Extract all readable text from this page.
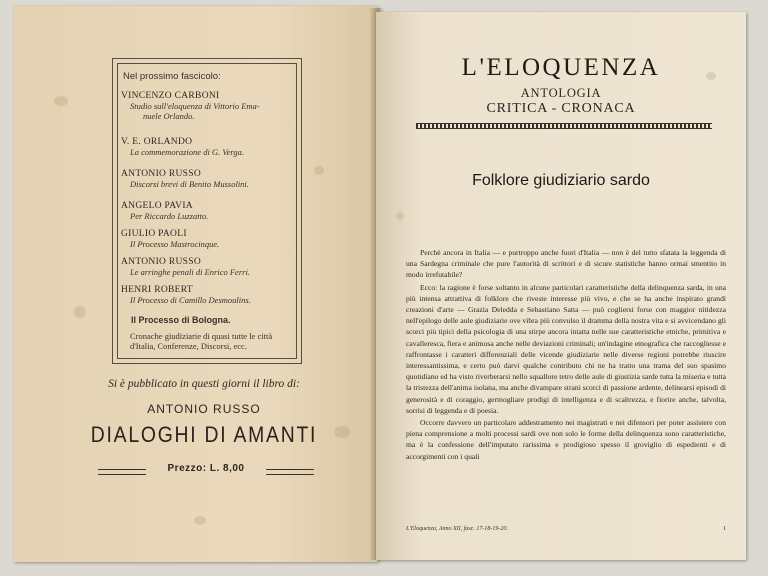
Nel prossimo fascicolo:
VINCENZO CARBONI
Studio sull'eloquenza di Vittorio Ema-
nuele Orlando.
V. E. ORLANDO
La commemorazione di G. Verga.
ANTONIO RUSSO
Discorsi brevi di Benito Mussolini.
ANGELO PAVIA
Per Riccardo Luzzatto.
GIULIO PAOLI
Il Processo Mastrocinque.
ANTONIO RUSSO
Le arringhe penali di Enrico Ferri.
HENRI ROBERT
Il Processo di Camillo Desmoulins.
Il Processo di Bologna.
Cronache giudiziarie di quasi tutte le città
d'Italia, Conferenze, Discorsi, ecc.
Si è pubblicato in questi giorni il libro di:
ANTONIO RUSSO
DIALOGHI DI AMANTI
Prezzo: L. 8,00
L'ELOQUENZA
ANTOLOGIA
CRITICA - CRONACA
Folklore giudiziario sardo

Perchè ancora in Italia — e purtroppo anche fuori d'Italia — non è del tutto sfatata la leggenda di una Sardegna criminale che pure l'autorità di scrittori e di sicure statistiche hanno ormai smentito in modo irrefutabile?

Ecco: la ragione è forse soltanto in alcune particolari caratteristiche della delinquenza sarda, in una più intensa attrattiva di folklore che riveste interesse più vivo, e che se ha anche inspirato grandi creazioni d'arte — Grazia Deledda e Sebastiano Satta — può cogliersi forse con maggior nitidezza nell'epilogo delle aule giudiziarie ove vibra più convulso il dramma della nostra vita e si avvicendano gli scorci più tipici della psicologia di una stirpe ancora intatta nelle sue caratteristiche etniche, primitiva e cavalleresca, fiera e animosa anche nelle deviazioni criminali; un'indagine etnografica che raccogliesse e raffrontasse i caratteri differenziali delle vicende giudiziarie nelle diverse regioni potrebbe riuscire interessantissima, e certo può darvi qualche contributo chi ne ha tratto una trama del suo spasimo quotidiano ed ha visto riverberarsi nello squallore tetro delle aule di giustizia sarde tutta la miseria e tutta la tristezza dell'anima isolana, ma anche divampare strani scorci di passione ardente, delinearsi episodi di generosità e di coraggio, germogliare prodigi di intelligenza e di scaltrezza, e fiorire anche, talvolta, sorrisi di leggenda e di poesia.

Occorre davvero un particolare addestramento nei magistrati e nei difensori per poter assistere con piena comprensione a molti processi sardi ove non solo le forme della delinquenza sono caratteristiche, ma è la confessione dell'imputato rarissima e prodigioso spesso il groviglio di espedienti e di accorgimenti con i quali

L'Eloquenza, Anno XII, fasc. 17-18-19-20.	1
